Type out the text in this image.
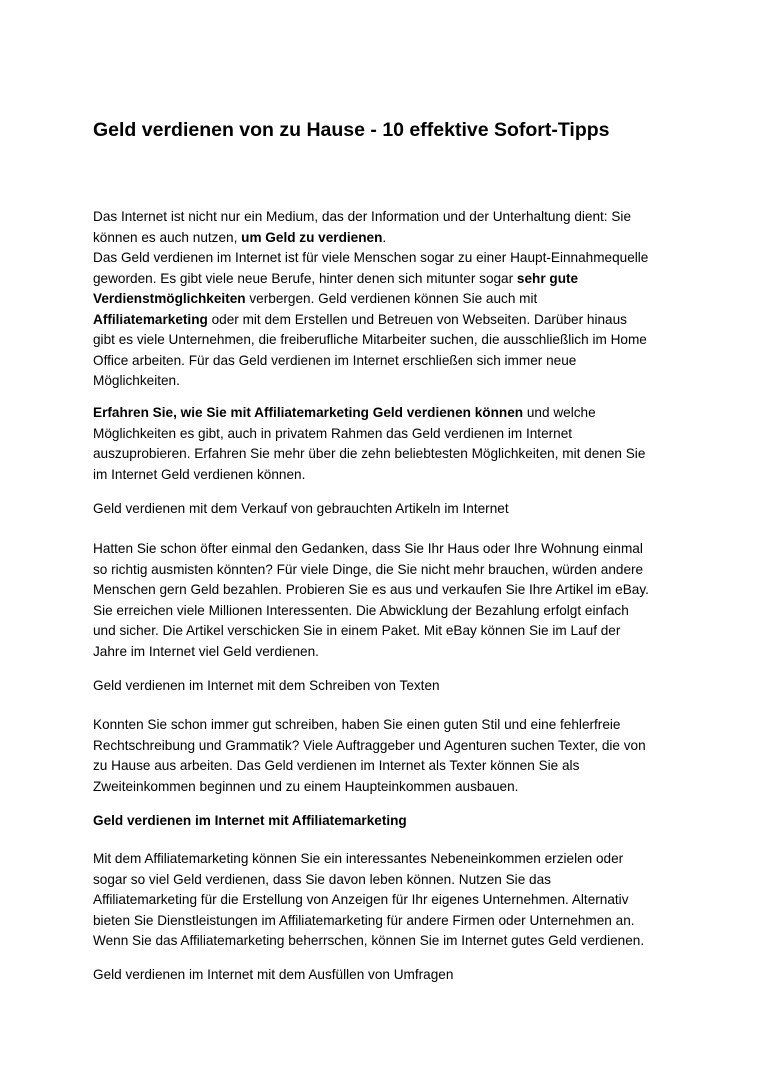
Geld verdienen von zu Hause - 10 effektive Sofort-Tipps

Das Internet ist nicht nur ein Medium, das der Information und der Unterhaltung dient: Sie
können es auch nutzen, um Geld zu verdienen.
Das Geld verdienen im Internet ist für viele Menschen sogar zu einer Haupt-Einnahmequelle
geworden. Es gibt viele neue Berufe, hinter denen sich mitunter sogar sehr gute
Verdienstmöglichkeiten verbergen. Geld verdienen können Sie auch mit
Affiliatemarketing oder mit dem Erstellen und Betreuen von Webseiten. Darüber hinaus
gibt es viele Unternehmen, die freiberufliche Mitarbeiter suchen, die ausschließlich im Home
Office arbeiten. Für das Geld verdienen im Internet erschließen sich immer neue
Möglichkeiten.

Erfahren Sie, wie Sie mit Affiliatemarketing Geld verdienen können und welche
Möglichkeiten es gibt, auch in privatem Rahmen das Geld verdienen im Internet
auszuprobieren. Erfahren Sie mehr über die zehn beliebtesten Möglichkeiten, mit denen Sie
im Internet Geld verdienen können.

Geld verdienen mit dem Verkauf von gebrauchten Artikeln im Internet

Hatten Sie schon öfter einmal den Gedanken, dass Sie Ihr Haus oder Ihre Wohnung einmal
so richtig ausmisten könnten? Für viele Dinge, die Sie nicht mehr brauchen, würden andere
Menschen gern Geld bezahlen. Probieren Sie es aus und verkaufen Sie Ihre Artikel im eBay.
Sie erreichen viele Millionen Interessenten. Die Abwicklung der Bezahlung erfolgt einfach
und sicher. Die Artikel verschicken Sie in einem Paket. Mit eBay können Sie im Lauf der
Jahre im Internet viel Geld verdienen.

Geld verdienen im Internet mit dem Schreiben von Texten

Konnten Sie schon immer gut schreiben, haben Sie einen guten Stil und eine fehlerfreie
Rechtschreibung und Grammatik? Viele Auftraggeber und Agenturen suchen Texter, die von
zu Hause aus arbeiten. Das Geld verdienen im Internet als Texter können Sie als
Zweiteinkommen beginnen und zu einem Haupteinkommen ausbauen.

Geld verdienen im Internet mit Affiliatemarketing

Mit dem Affiliatemarketing können Sie ein interessantes Nebeneinkommen erzielen oder
sogar so viel Geld verdienen, dass Sie davon leben können. Nutzen Sie das
Affiliatemarketing für die Erstellung von Anzeigen für Ihr eigenes Unternehmen. Alternativ
bieten Sie Dienstleistungen im Affiliatemarketing für andere Firmen oder Unternehmen an.
Wenn Sie das Affiliatemarketing beherrschen, können Sie im Internet gutes Geld verdienen.

Geld verdienen im Internet mit dem Ausfüllen von Umfragen
